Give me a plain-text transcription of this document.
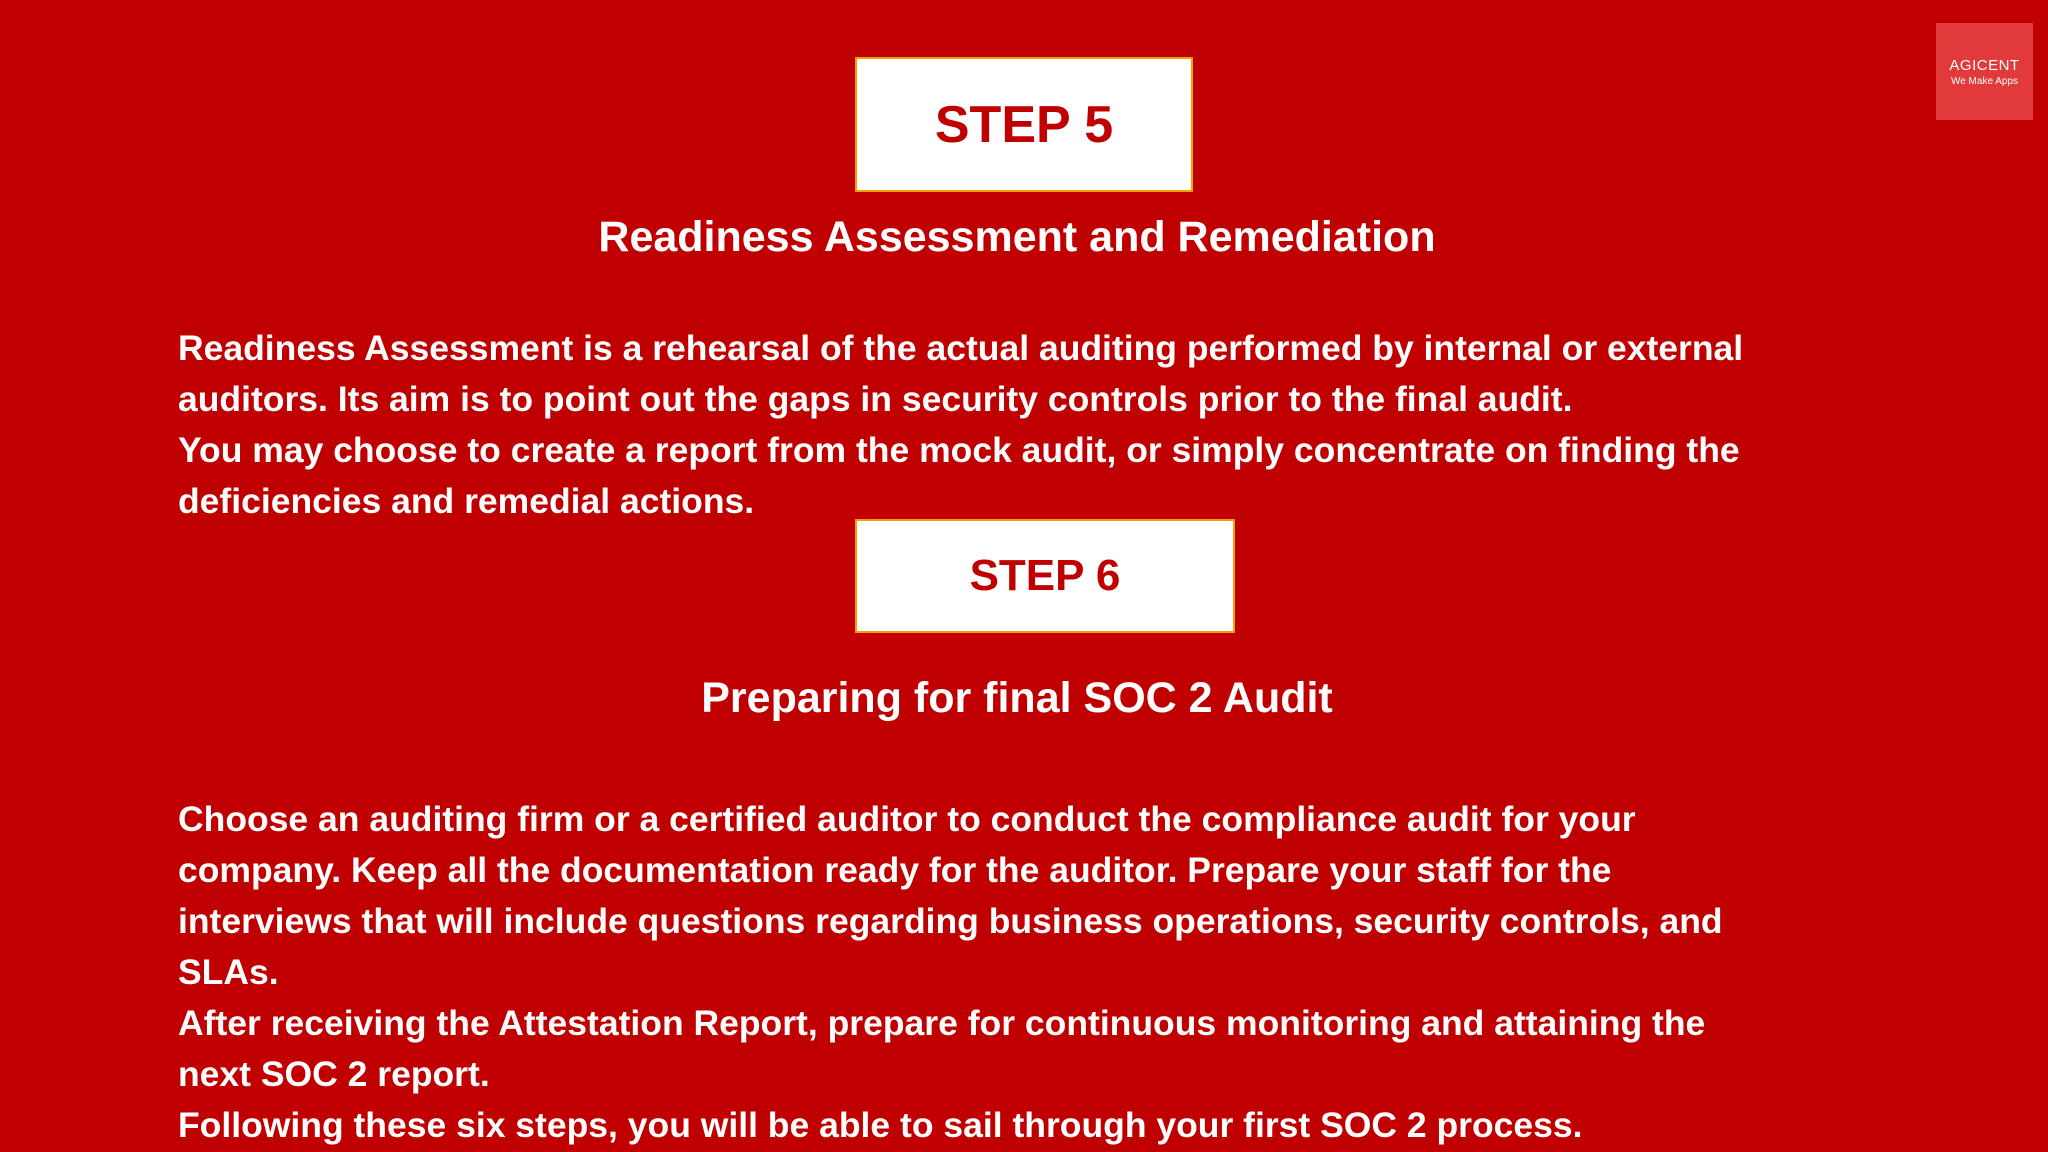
AGICENT
We Make Apps
STEP 5
Readiness Assessment and Remediation
Readiness Assessment is a rehearsal of the actual auditing performed by internal or external
auditors. Its aim is to point out the gaps in security controls prior to the final audit.
You may choose to create a report from the mock audit, or simply concentrate on finding the
deficiencies and remedial actions.
STEP 6
Preparing for final SOC 2 Audit
Choose an auditing firm or a certified auditor to conduct the compliance audit for your
company. Keep all the documentation ready for the auditor. Prepare your staff for the
interviews that will include questions regarding business operations, security controls, and
SLAs.
After receiving the Attestation Report, prepare for continuous monitoring and attaining the
next SOC 2 report.
Following these six steps, you will be able to sail through your first SOC 2 process.
